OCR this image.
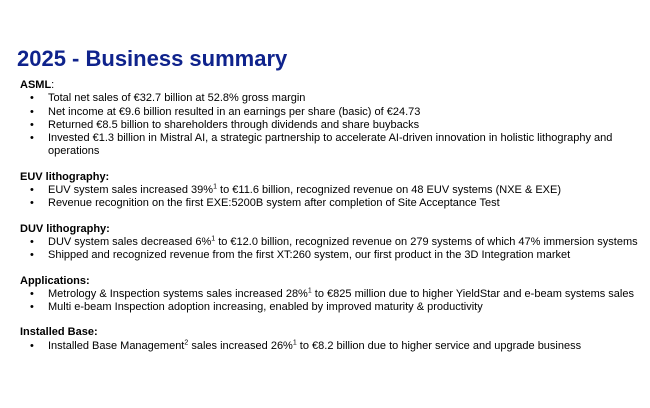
2025 - Business summary
ASML:
• Total net sales of €32.7 billion at 52.8% gross margin
• Net income at €9.6 billion resulted in an earnings per share (basic) of €24.73
• Returned €8.5 billion to shareholders through dividends and share buybacks
• Invested €1.3 billion in Mistral AI, a strategic partnership to accelerate AI-driven innovation in holistic lithography and operations
EUV lithography:
• EUV system sales increased 39%$^1$ to €11.6 billion, recognized revenue on 48 EUV systems (NXE & EXE)
• Revenue recognition on the first EXE:5200B system after completion of Site Acceptance Test
DUV lithography:
• DUV system sales decreased 6%$^1$ to €12.0 billion, recognized revenue on 279 systems of which 47% immersion systems
• Shipped and recognized revenue from the first XT:260 system, our first product in the 3D Integration market
Applications:
• Metrology & Inspection systems sales increased 28%$^1$ to €825 million due to higher YieldStar and e-beam systems sales
• Multi e-beam Inspection adoption increasing, enabled by improved maturity & productivity
Installed Base:
• Installed Base Management$^2$ sales increased 26%$^1$ to €8.2 billion due to higher service and upgrade business
